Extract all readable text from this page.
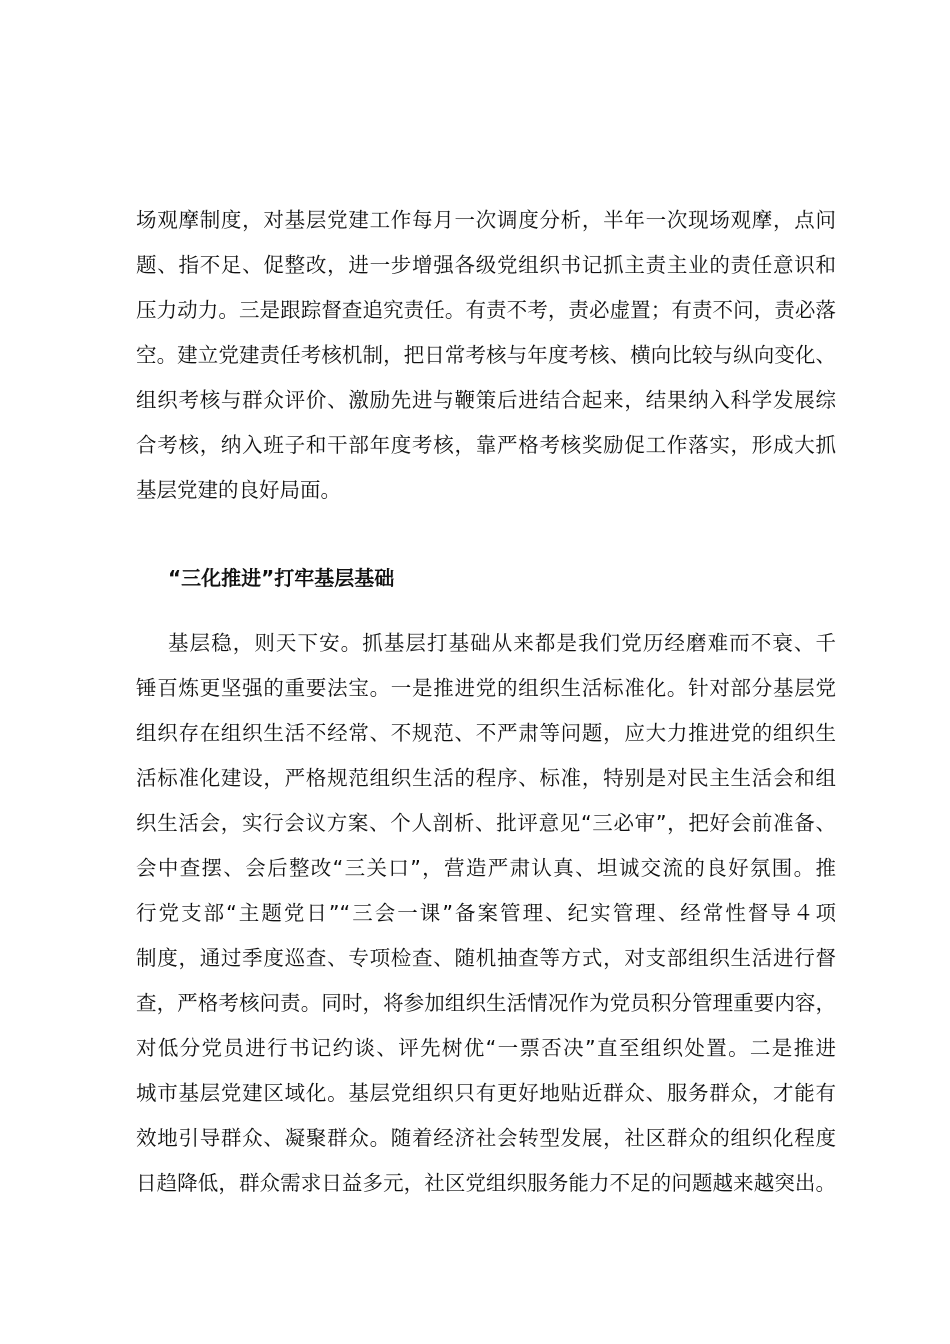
场观摩制度，对基层党建工作每月一次调度分析，半年一次现场观摩，点问
题、指不足、促整改，进一步增强各级党组织书记抓主责主业的责任意识和
压力动力。三是跟踪督查追究责任。有责不考，责必虚置；有责不问，责必落
空。建立党建责任考核机制，把日常考核与年度考核、横向比较与纵向变化、
组织考核与群众评价、激励先进与鞭策后进结合起来，结果纳入科学发展综
合考核，纳入班子和干部年度考核，靠严格考核奖励促工作落实，形成大抓
基层党建的良好局面。
“三化推进”打牢基层基础
基层稳，则天下安。抓基层打基础从来都是我们党历经磨难而不衰、千
锤百炼更坚强的重要法宝。一是推进党的组织生活标准化。针对部分基层党
组织存在组织生活不经常、不规范、不严肃等问题，应大力推进党的组织生
活标准化建设，严格规范组织生活的程序、标准，特别是对民主生活会和组
织生活会，实行会议方案、个人剖析、批评意见“三必审”，把好会前准备、
会中查摆、会后整改“三关口”，营造严肃认真、坦诚交流的良好氛围。推
行党支部“主题党日”“三会一课”备案管理、纪实管理、经常性督导４项
制度，通过季度巡查、专项检查、随机抽查等方式，对支部组织生活进行督
查，严格考核问责。同时，将参加组织生活情况作为党员积分管理重要内容，
对低分党员进行书记约谈、评先树优“一票否决”直至组织处置。二是推进
城市基层党建区域化。基层党组织只有更好地贴近群众、服务群众，才能有
效地引导群众、凝聚群众。随着经济社会转型发展，社区群众的组织化程度
日趋降低，群众需求日益多元，社区党组织服务能力不足的问题越来越突出。
